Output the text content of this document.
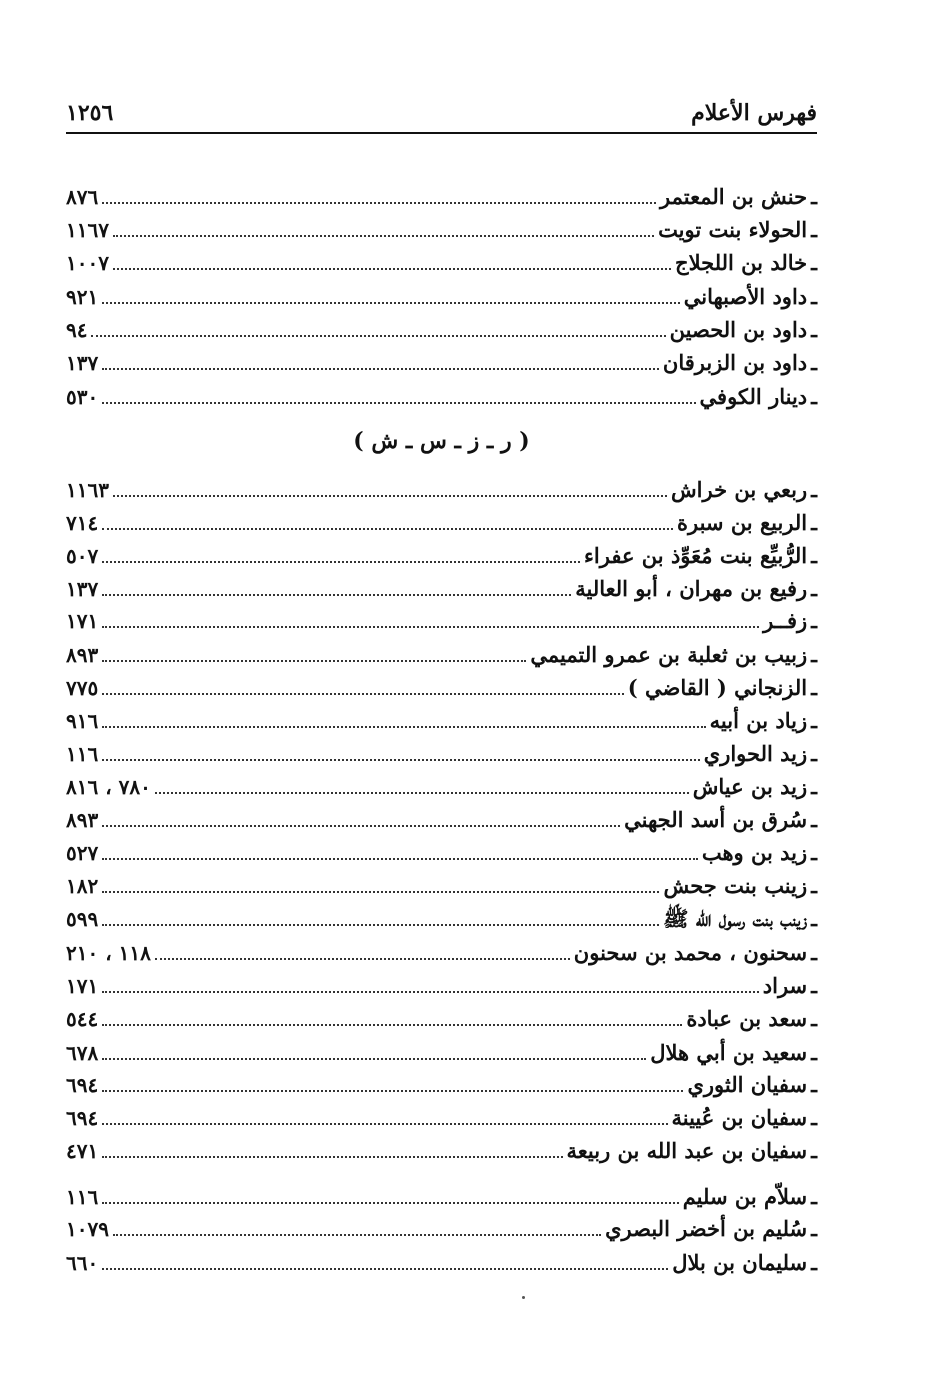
فهرس الأعلام
١٢٥٦
ـ
حنش بن المعتمر
٨٧٦
ـ
الحولاء بنت تويت
١١٦٧
ـ
خالد بن اللجلاج
١٠٠٧
ـ
داود الأصبهاني
٩٢١
ـ
داود بن الحصين
٩٤
ـ
داود بن الزبرقان
١٣٧
ـ
دينار الكوفي
٥٣٠
ـ
ربعي بن خراش
١١٦٣
ـ
الربيع بن سبرة
٧١٤
ـ
الرُّبيِّع بنت مُعَوِّذ بن عفراء
٥٠٧
ـ
رفيع بن مهران ، أبو العالية
١٣٧
ـ
زفــر
١٧١
ـ
زبيب بن ثعلبة بن عمرو التميمي
٨٩٣
ـ
الزنجاني ( القاضي )
٧٧٥
ـ
زياد بن أبيه
٩١٦
ـ
زيد الحواري
١١٦
ـ
زيد بن عياش
٧٨٠ ، ٨١٦
ـ
سُرق بن أسد الجهني
٨٩٣
ـ
زيد بن وهب
٥٢٧
ـ
زينب بنت جحش
١٨٢
ـ
زينب بنت رسول الله ﷺ
٥٩٩
ـ
سحنون ، محمد بن سحنون
١١٨ ، ٢١٠
ـ
سراد
١٧١
ـ
سعد بن عبادة
٥٤٤
ـ
سعيد بن أبي هلال
٦٧٨
ـ
سفيان الثوري
٦٩٤
ـ
سفيان بن عُيينة
٦٩٤
ـ
سفيان بن عبد الله بن ربيعة
٤٧١
ـ
سلاّم بن سليم
١١٦
ـ
سُليم بن أخضر البصري
١٠٧٩
ـ
سليمان بن بلال
٦٦٠
( ر ـ ز ـ س ـ ش )
